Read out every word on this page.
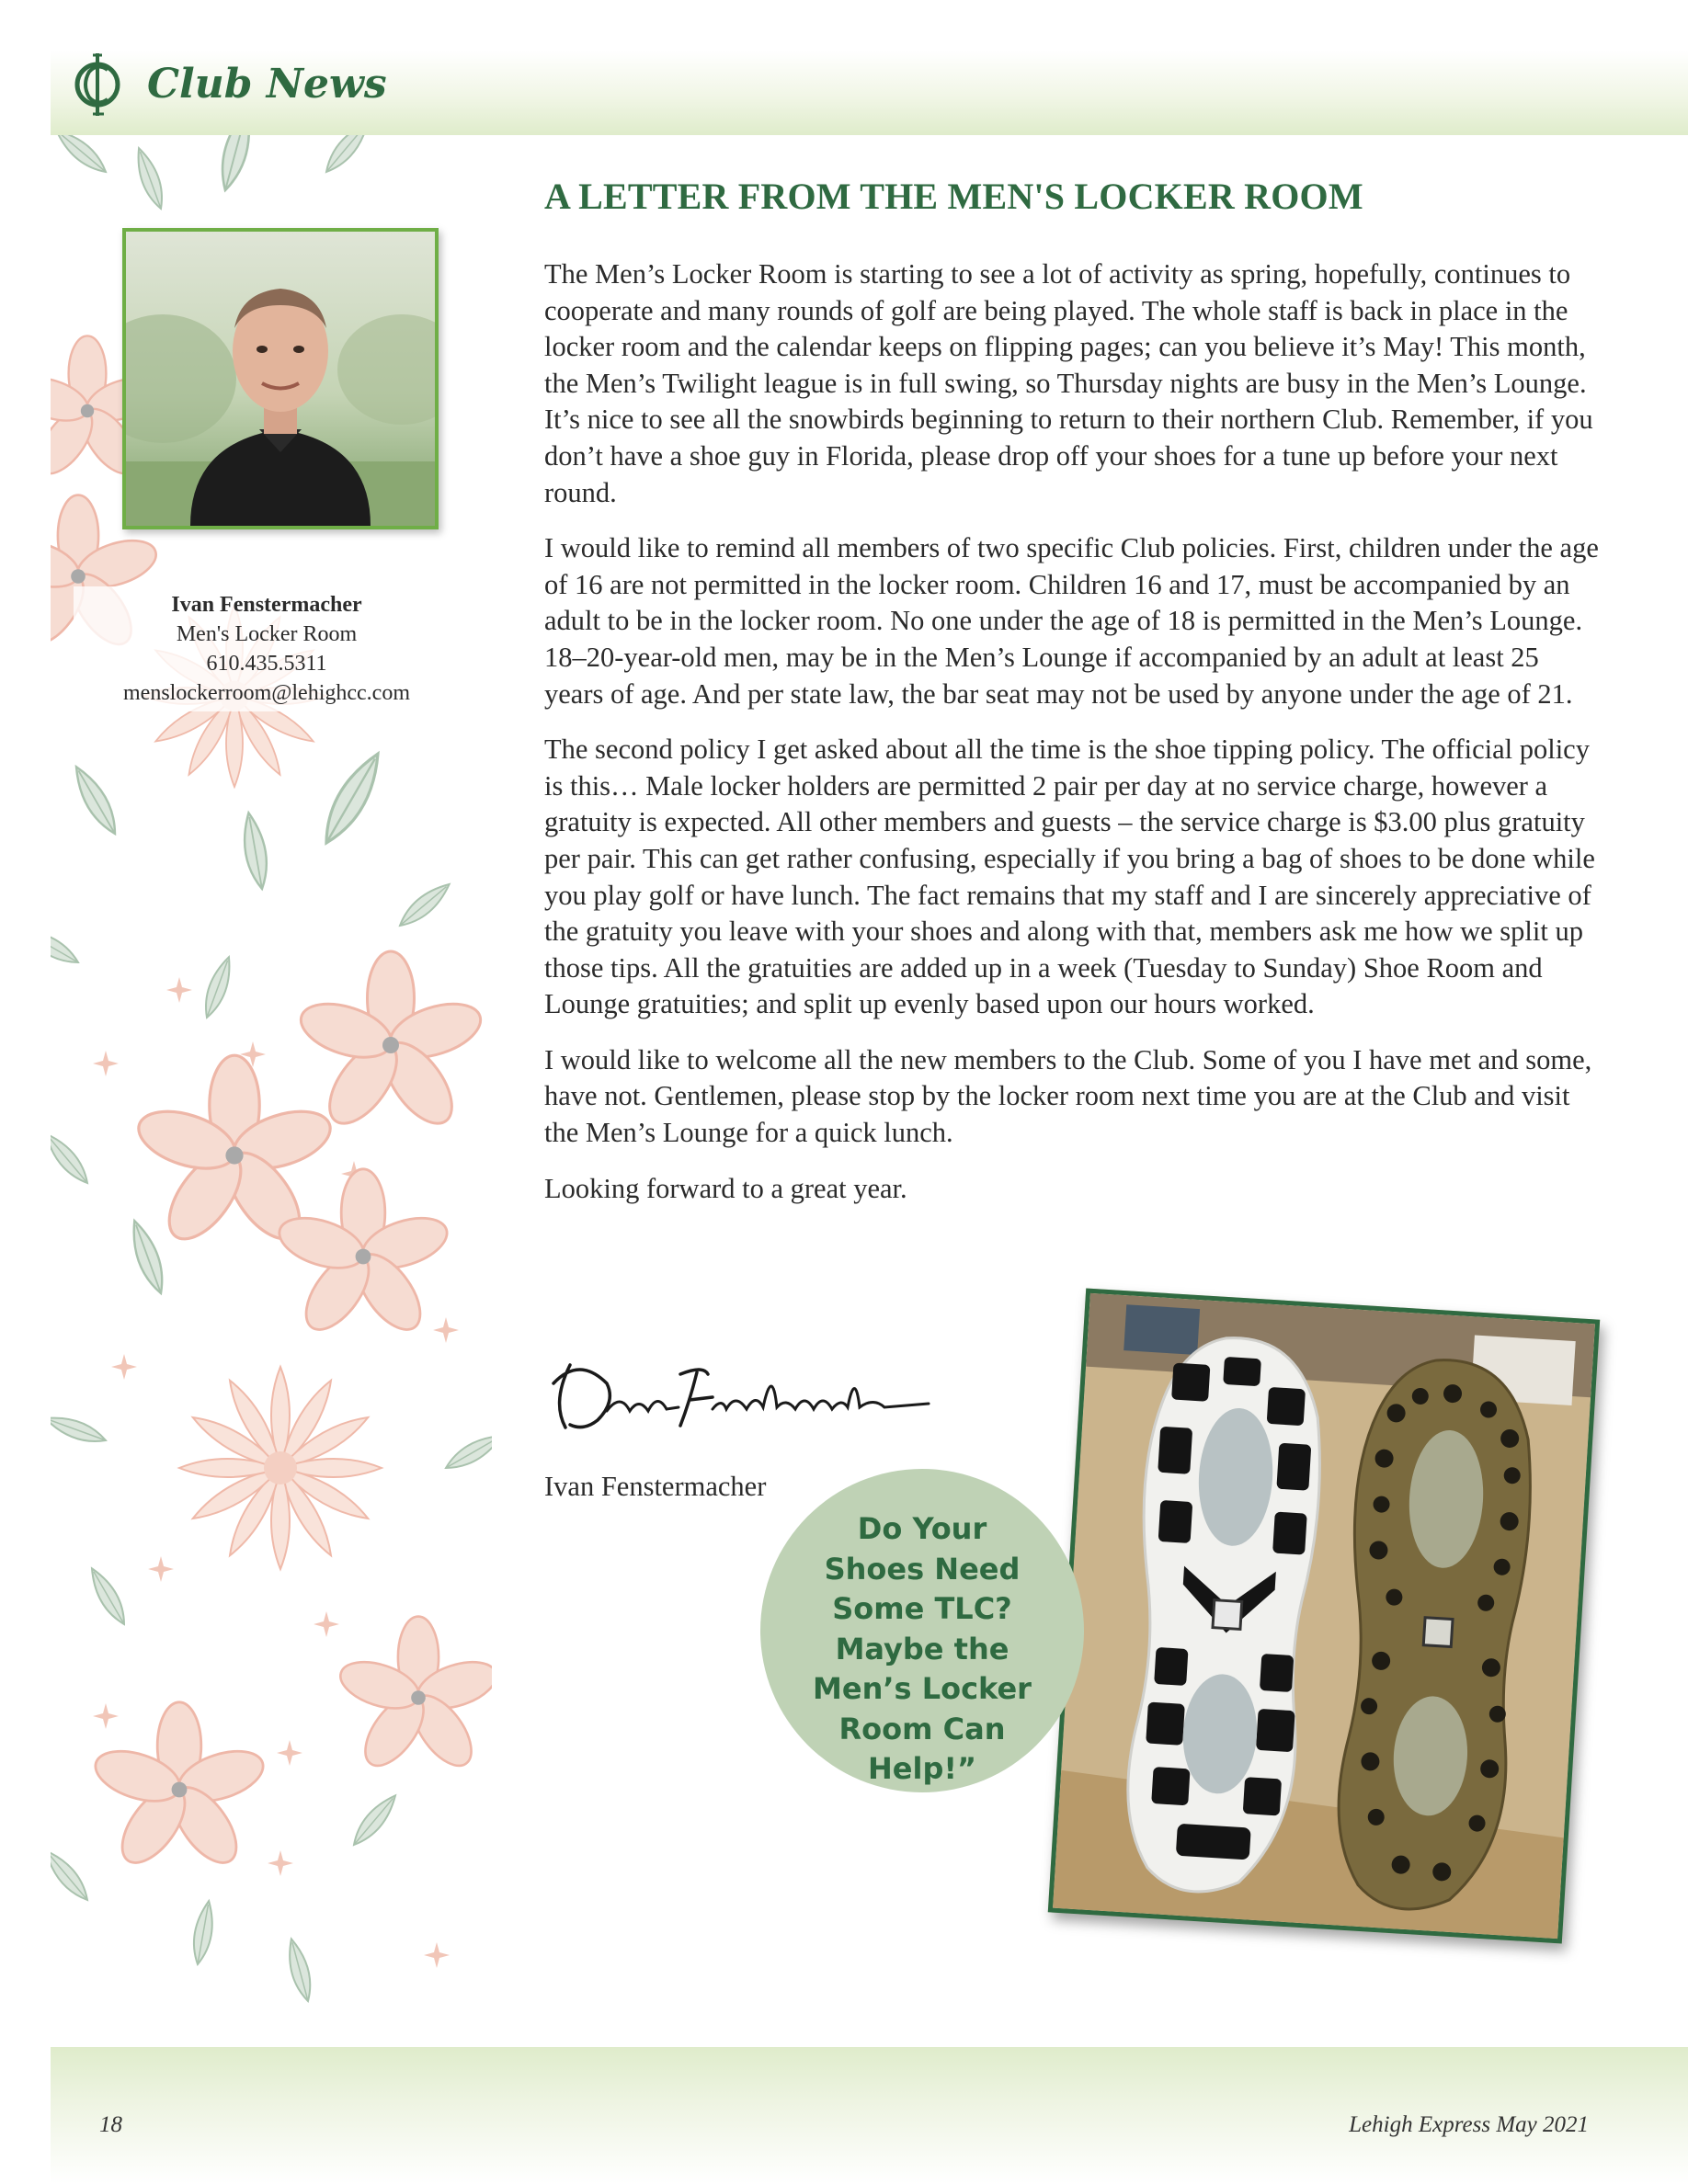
Club News
Ivan Fenstermacher
Men's Locker Room
610.435.5311
menslockerroom@lehighcc.com
A LETTER FROM THE MEN'S LOCKER ROOM

The Men’s Locker Room is starting to see a lot of activity as spring, hopefully, continues to cooperate and many rounds of golf are being played. The whole staff is back in place in the locker room and the calendar keeps on flipping pages; can you believe it’s May! This month, the Men’s Twilight league is in full swing, so Thursday nights are busy in the Men’s Lounge. It’s nice to see all the snowbirds beginning to return to their northern Club. Remember, if you don’t have a shoe guy in Florida, please drop off your shoes for a tune up before your next round.

I would like to remind all members of two specific Club policies. First, children under the age of 16 are not permitted in the locker room. Children 16 and 17, must be accompanied by an adult to be in the locker room. No one under the age of 18 is permitted in the Men’s Lounge. 18–20-year-old men, may be in the Men’s Lounge if accompanied by an adult at least 25 years of age. And per state law, the bar seat may not be used by anyone under the age of 21.

The second policy I get asked about all the time is the shoe tipping policy. The official policy is this… Male locker holders are permitted 2 pair per day at no service charge, however a gratuity is expected. All other members and guests – the service charge is $3.00 plus gratuity per pair. This can get rather confusing, especially if you bring a bag of shoes to be done while you play golf or have lunch. The fact remains that my staff and I are sincerely appreciative of the gratuity you leave with your shoes and along with that, members ask me how we split up those tips. All the gratuities are added up in a week (Tuesday to Sunday) Shoe Room and Lounge gratuities; and split up evenly based upon our hours worked.

I would like to welcome all the new members to the Club. Some of you I have met and some, have not. Gentlemen, please stop by the locker room next time you are at the Club and visit the Men’s Lounge for a quick lunch.

Looking forward to a great year.

Ivan Fenstermacher
Do Your
Shoes Need
Some TLC?
Maybe the
Men’s Locker
Room Can
Help!”
18	Lehigh Express May 2021
